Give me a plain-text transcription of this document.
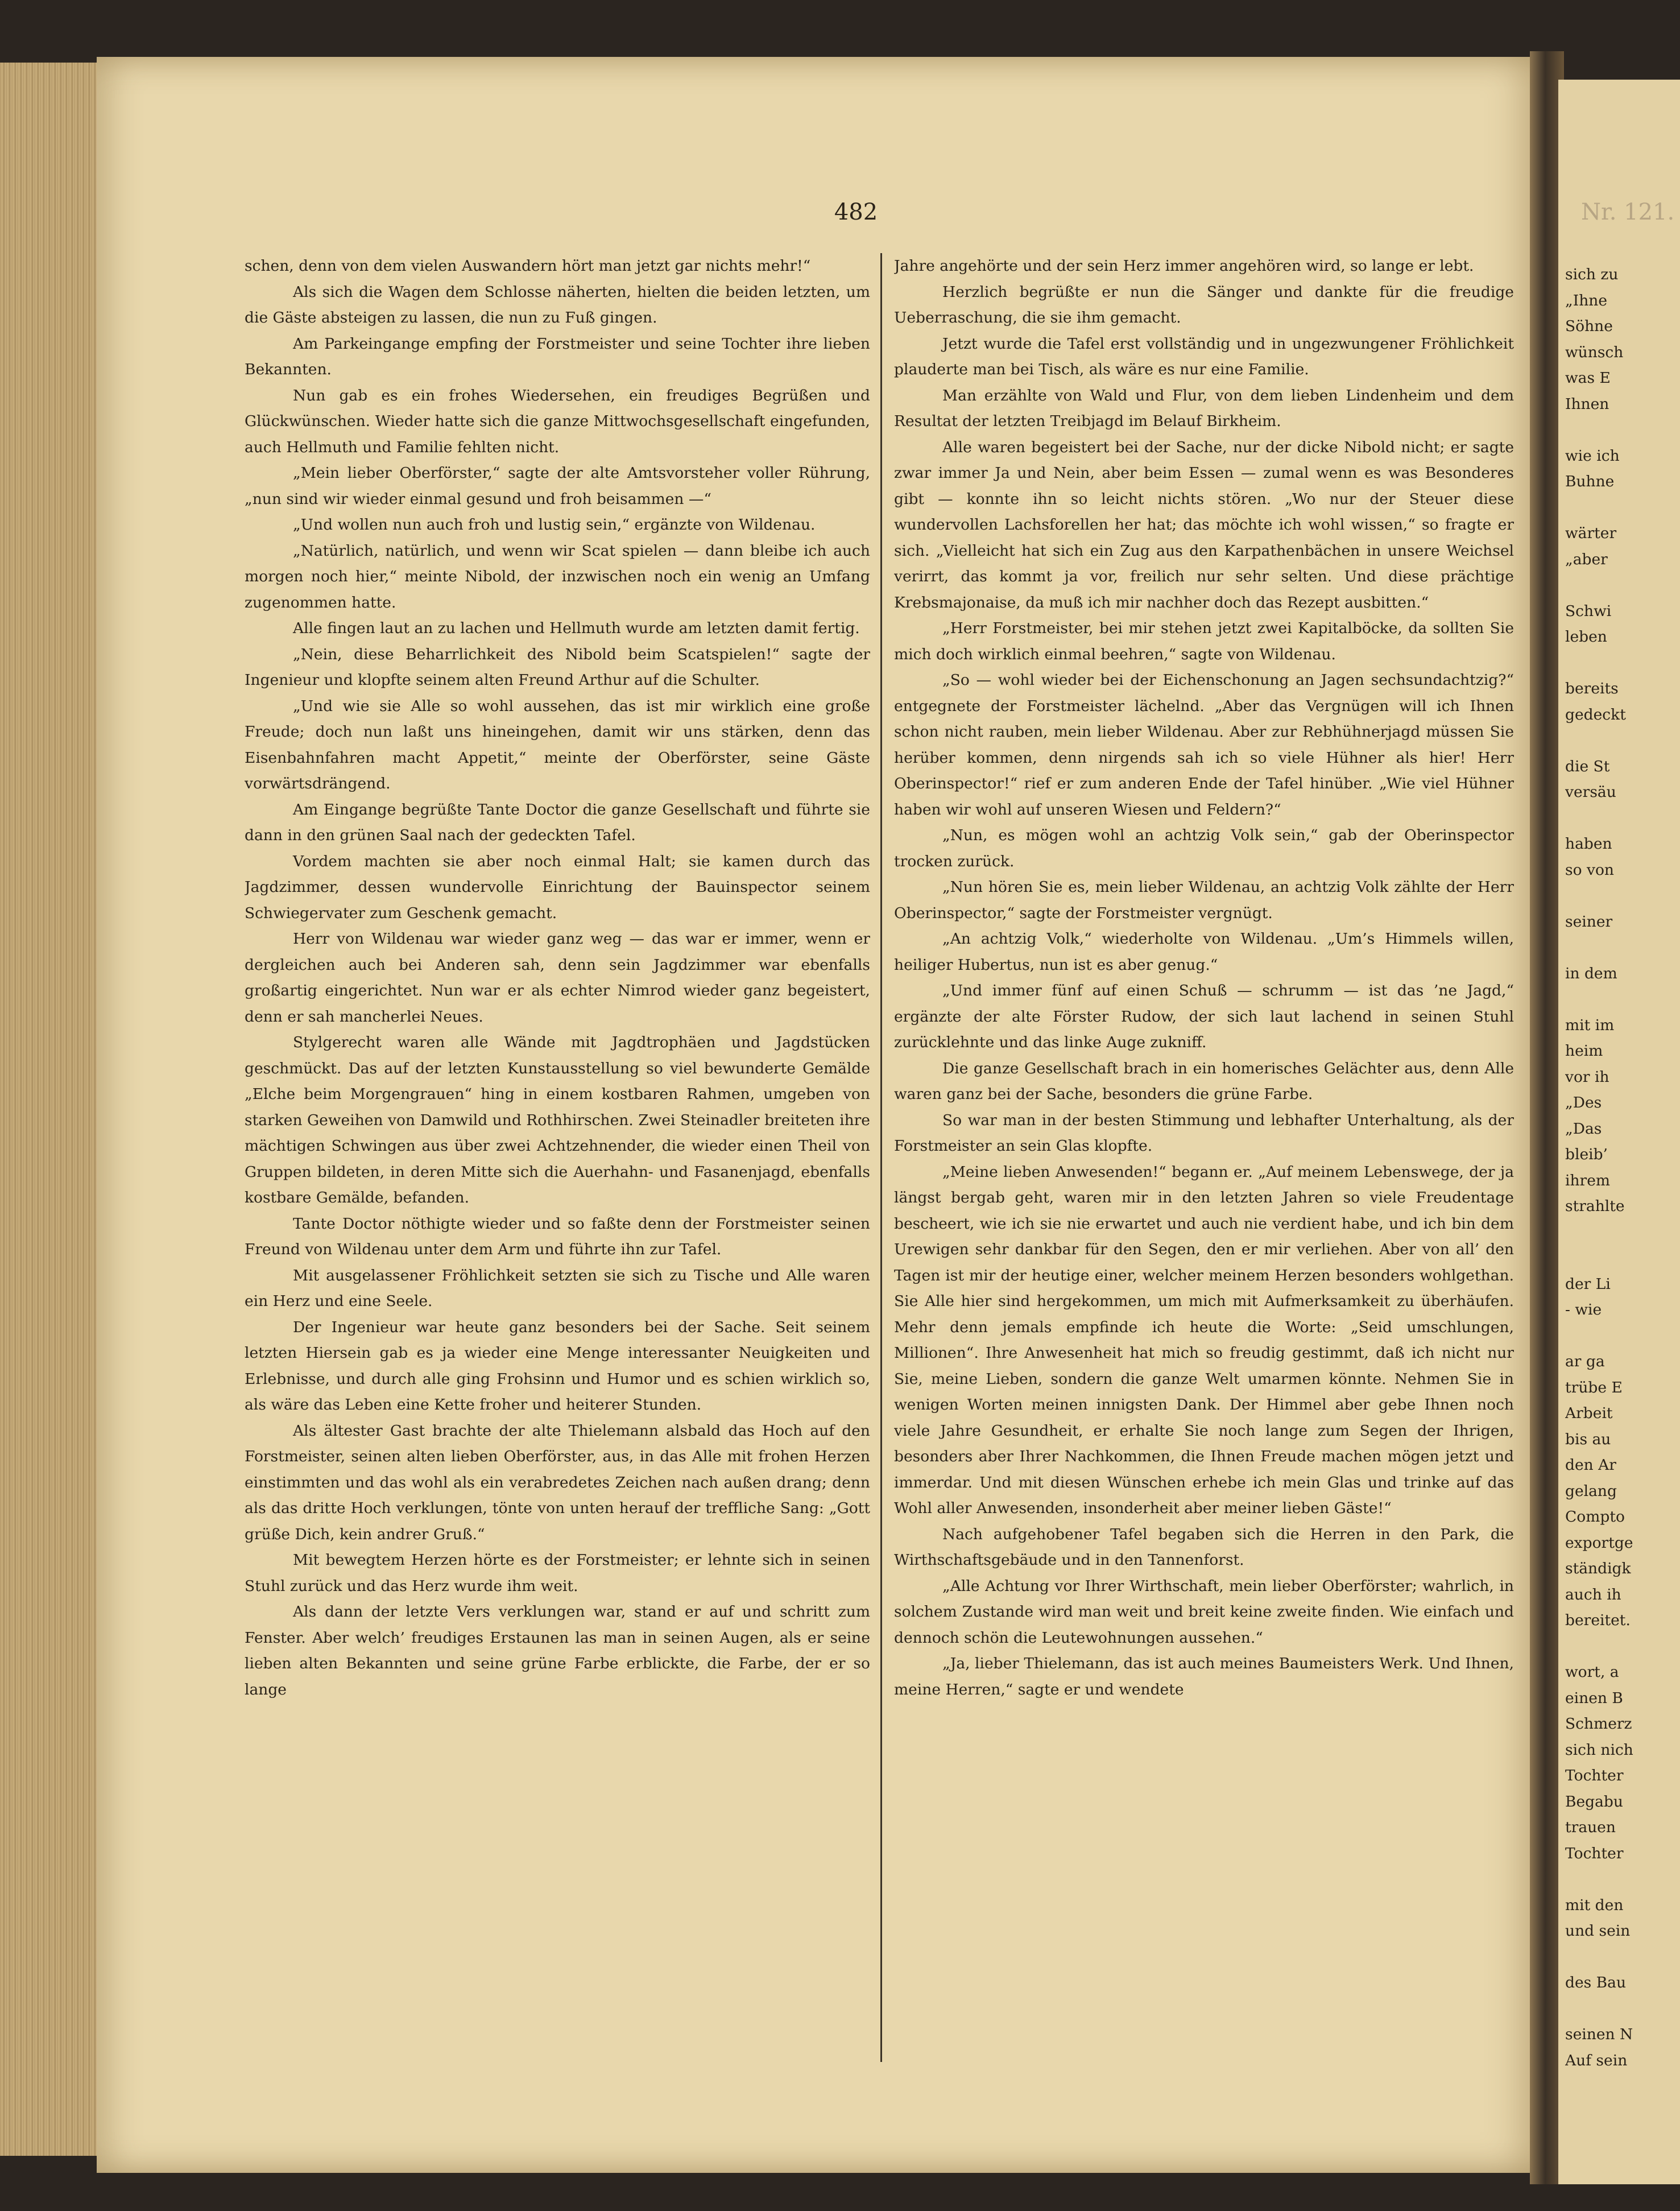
Nr. 121.
sich zu
„Ihne
Söhne
wünsch
was E
Ihnen
wie ich
Buhne
wärter
„aber
Schwi
leben
bereits
gedeckt
die St
versäu
haben
so von
seiner
in dem
mit im
heim
vor ih
„Des
„Das
bleib’
ihrem
strahlte
der Li
- wie
ar ga
trübe E
Arbeit
bis au
den Ar
gelang
Compto
exportge
ständigk
auch ih
bereitet.
wort, a
einen B
Schmerz
sich nich
Tochter
Begabu
trauen
Tochter
mit den
und sein
des Bau
seinen N
Auf sein
482

schen, denn von dem vielen Auswandern hört man jetzt gar nichts mehr!“

Als sich die Wagen dem Schlosse näherten, hielten die beiden letzten, um die Gäste absteigen zu lassen, die nun zu Fuß gingen.

Am Parkeingange empfing der Forstmeister und seine Tochter ihre lieben Bekannten.

Nun gab es ein frohes Wiedersehen, ein freudiges Begrüßen und Glückwünschen. Wieder hatte sich die ganze Mittwochsgesellschaft eingefunden, auch Hellmuth und Familie fehlten nicht.

„Mein lieber Oberförster,“ sagte der alte Amtsvorsteher voller Rührung, „nun sind wir wieder einmal gesund und froh beisammen —“

„Und wollen nun auch froh und lustig sein,“ ergänzte von Wildenau.

„Natürlich, natürlich, und wenn wir Scat spielen — dann bleibe ich auch morgen noch hier,“ meinte Nibold, der inzwischen noch ein wenig an Umfang zugenommen hatte.

Alle fingen laut an zu lachen und Hellmuth wurde am letzten damit fertig.

„Nein, diese Beharrlichkeit des Nibold beim Scatspielen!“ sagte der Ingenieur und klopfte seinem alten Freund Arthur auf die Schulter.

„Und wie sie Alle so wohl aussehen, das ist mir wirklich eine große Freude; doch nun laßt uns hineingehen, damit wir uns stärken, denn das Eisenbahnfahren macht Appetit,“ meinte der Oberförster, seine Gäste vorwärtsdrängend.

Am Eingange begrüßte Tante Doctor die ganze Gesellschaft und führte sie dann in den grünen Saal nach der gedeckten Tafel.

Vordem machten sie aber noch einmal Halt; sie kamen durch das Jagdzimmer, dessen wundervolle Einrichtung der Bauinspector seinem Schwiegervater zum Geschenk gemacht.

Herr von Wildenau war wieder ganz weg — das war er immer, wenn er dergleichen auch bei Anderen sah, denn sein Jagdzimmer war ebenfalls großartig eingerichtet. Nun war er als echter Nimrod wieder ganz begeistert, denn er sah mancherlei Neues.

Stylgerecht waren alle Wände mit Jagdtrophäen und Jagdstücken geschmückt. Das auf der letzten Kunstausstellung so viel bewunderte Gemälde „Elche beim Morgengrauen“ hing in einem kostbaren Rahmen, umgeben von starken Geweihen von Damwild und Rothhirschen. Zwei Steinadler breiteten ihre mächtigen Schwingen aus über zwei Achtzehnender, die wieder einen Theil von Gruppen bildeten, in deren Mitte sich die Auerhahn- und Fasanenjagd, ebenfalls kostbare Gemälde, befanden.

Tante Doctor nöthigte wieder und so faßte denn der Forstmeister seinen Freund von Wildenau unter dem Arm und führte ihn zur Tafel.

Mit ausgelassener Fröhlichkeit setzten sie sich zu Tische und Alle waren ein Herz und eine Seele.

Der Ingenieur war heute ganz besonders bei der Sache. Seit seinem letzten Hiersein gab es ja wieder eine Menge interessanter Neuigkeiten und Erlebnisse, und durch alle ging Frohsinn und Humor und es schien wirklich so, als wäre das Leben eine Kette froher und heiterer Stunden.

Als ältester Gast brachte der alte Thielemann alsbald das Hoch auf den Forstmeister, seinen alten lieben Oberförster, aus, in das Alle mit frohen Herzen einstimmten und das wohl als ein verabredetes Zeichen nach außen drang; denn als das dritte Hoch verklungen, tönte von unten herauf der treffliche Sang: „Gott grüße Dich, kein andrer Gruß.“

Mit bewegtem Herzen hörte es der Forstmeister; er lehnte sich in seinen Stuhl zurück und das Herz wurde ihm weit.

Als dann der letzte Vers verklungen war, stand er auf und schritt zum Fenster. Aber welch’ freudiges Erstaunen las man in seinen Augen, als er seine lieben alten Bekannten und seine grüne Farbe erblickte, die Farbe, der er so lange

Jahre angehörte und der sein Herz immer angehören wird, so lange er lebt.

Herzlich begrüßte er nun die Sänger und dankte für die freudige Ueberraschung, die sie ihm gemacht.

Jetzt wurde die Tafel erst vollständig und in ungezwungener Fröhlichkeit plauderte man bei Tisch, als wäre es nur eine Familie.

Man erzählte von Wald und Flur, von dem lieben Lindenheim und dem Resultat der letzten Treibjagd im Belauf Birkheim.

Alle waren begeistert bei der Sache, nur der dicke Nibold nicht; er sagte zwar immer Ja und Nein, aber beim Essen — zumal wenn es was Besonderes gibt — konnte ihn so leicht nichts stören. „Wo nur der Steuer diese wundervollen Lachsforellen her hat; das möchte ich wohl wissen,“ so fragte er sich. „Vielleicht hat sich ein Zug aus den Karpathenbächen in unsere Weichsel verirrt, das kommt ja vor, freilich nur sehr selten. Und diese prächtige Krebsmajonaise, da muß ich mir nachher doch das Rezept ausbitten.“

„Herr Forstmeister, bei mir stehen jetzt zwei Kapitalböcke, da sollten Sie mich doch wirklich einmal beehren,“ sagte von Wildenau.

„So — wohl wieder bei der Eichenschonung an Jagen sechsundachtzig?“ entgegnete der Forstmeister lächelnd. „Aber das Vergnügen will ich Ihnen schon nicht rauben, mein lieber Wildenau. Aber zur Rebhühnerjagd müssen Sie herüber kommen, denn nirgends sah ich so viele Hühner als hier! Herr Oberinspector!“ rief er zum anderen Ende der Tafel hinüber. „Wie viel Hühner haben wir wohl auf unseren Wiesen und Feldern?“

„Nun, es mögen wohl an achtzig Volk sein,“ gab der Oberinspector trocken zurück.

„Nun hören Sie es, mein lieber Wildenau, an achtzig Volk zählte der Herr Oberinspector,“ sagte der Forstmeister vergnügt.

„An achtzig Volk,“ wiederholte von Wildenau. „Um’s Himmels willen, heiliger Hubertus, nun ist es aber genug.“

„Und immer fünf auf einen Schuß — schrumm — ist das ’ne Jagd,“ ergänzte der alte Förster Rudow, der sich laut lachend in seinen Stuhl zurücklehnte und das linke Auge zukniff.

Die ganze Gesellschaft brach in ein homerisches Gelächter aus, denn Alle waren ganz bei der Sache, besonders die grüne Farbe.

So war man in der besten Stimmung und lebhafter Unterhaltung, als der Forstmeister an sein Glas klopfte.

„Meine lieben Anwesenden!“ begann er. „Auf meinem Lebenswege, der ja längst bergab geht, waren mir in den letzten Jahren so viele Freudentage bescheert, wie ich sie nie erwartet und auch nie verdient habe, und ich bin dem Urewigen sehr dankbar für den Segen, den er mir verliehen. Aber von all’ den Tagen ist mir der heutige einer, welcher meinem Herzen besonders wohlgethan. Sie Alle hier sind hergekommen, um mich mit Aufmerksamkeit zu überhäufen. Mehr denn jemals empfinde ich heute die Worte: „Seid umschlungen, Millionen“. Ihre Anwesenheit hat mich so freudig gestimmt, daß ich nicht nur Sie, meine Lieben, sondern die ganze Welt umarmen könnte. Nehmen Sie in wenigen Worten meinen innigsten Dank. Der Himmel aber gebe Ihnen noch viele Jahre Gesundheit, er erhalte Sie noch lange zum Segen der Ihrigen, besonders aber Ihrer Nachkommen, die Ihnen Freude machen mögen jetzt und immerdar. Und mit diesen Wünschen erhebe ich mein Glas und trinke auf das Wohl aller Anwesenden, insonderheit aber meiner lieben Gäste!“

Nach aufgehobener Tafel begaben sich die Herren in den Park, die Wirthschaftsgebäude und in den Tannenforst.

„Alle Achtung vor Ihrer Wirthschaft, mein lieber Oberförster; wahrlich, in solchem Zustande wird man weit und breit keine zweite finden. Wie einfach und dennoch schön die Leutewohnungen aussehen.“

„Ja, lieber Thielemann, das ist auch meines Baumeisters Werk. Und Ihnen, meine Herren,“ sagte er und wendete
